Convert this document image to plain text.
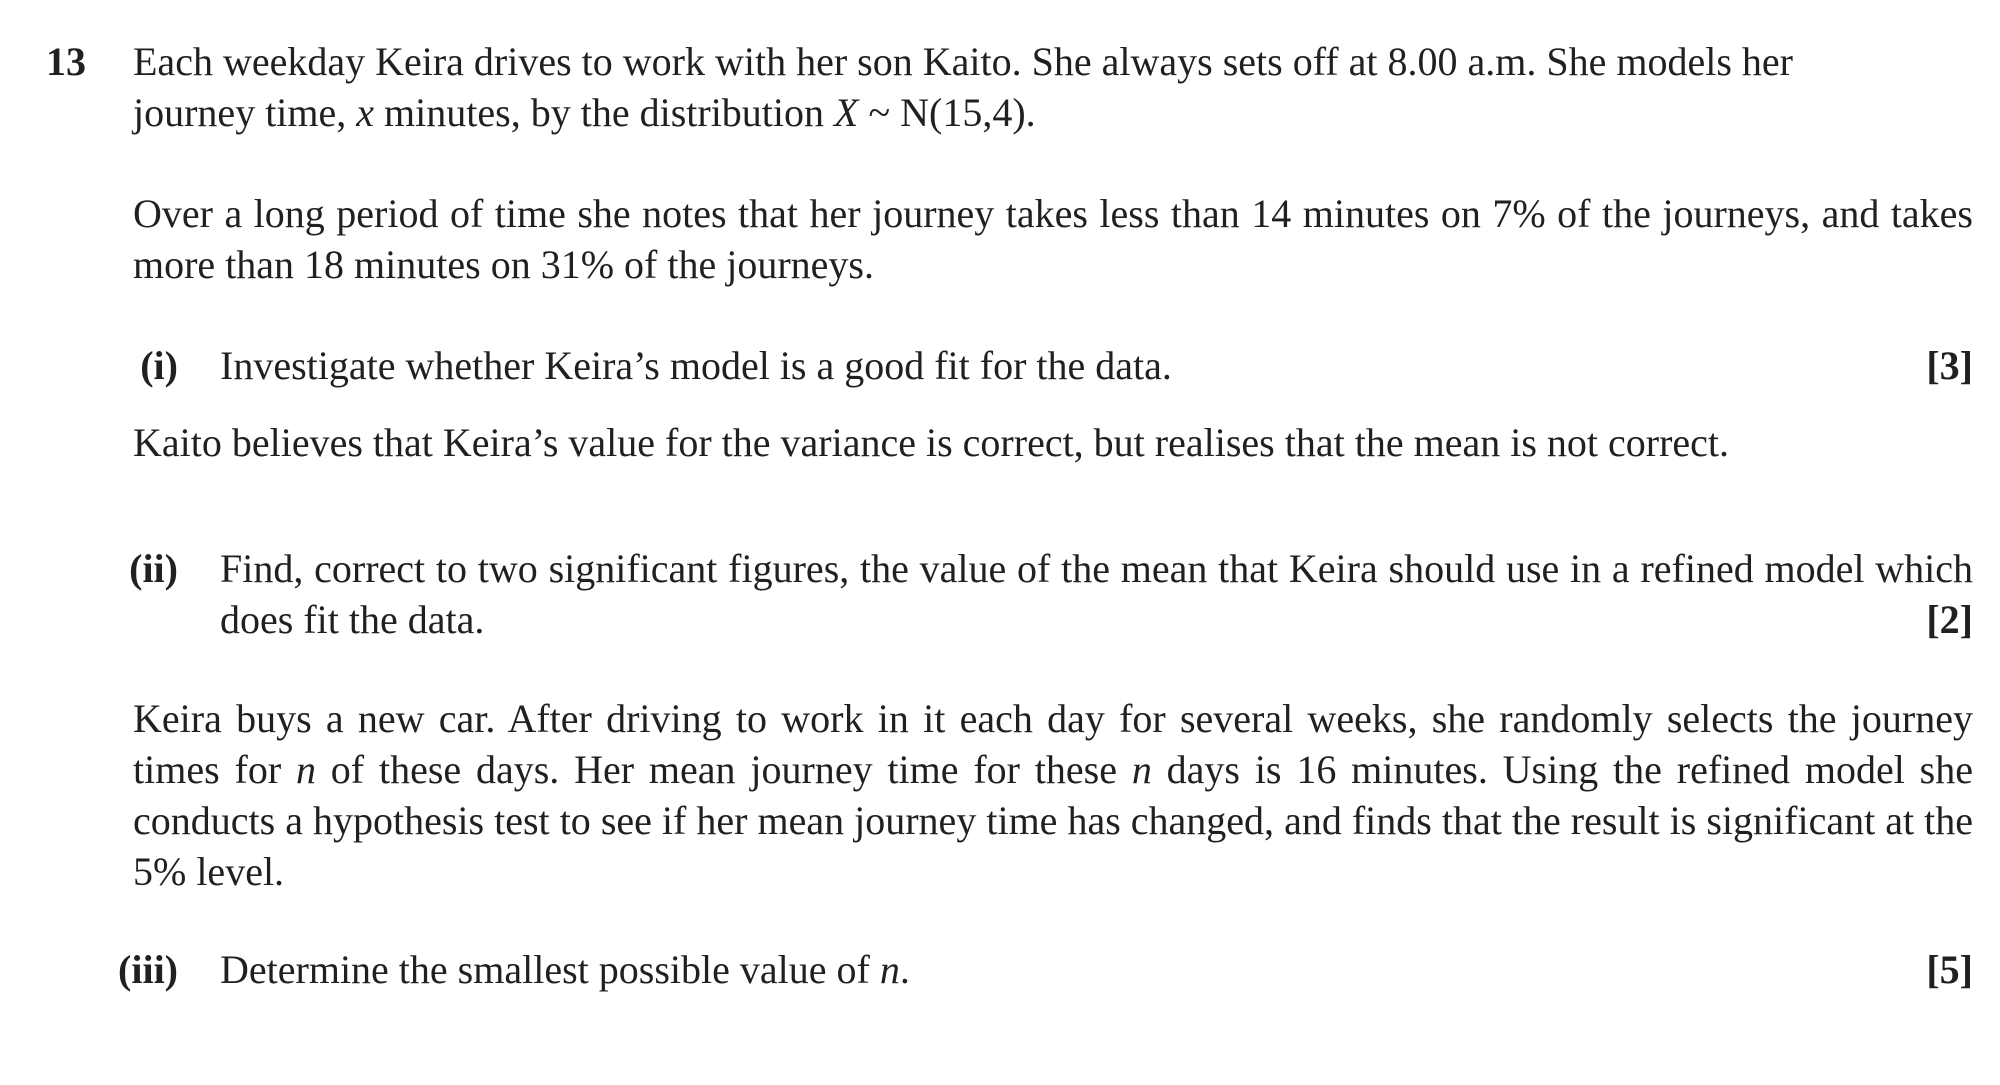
13 Each weekday Keira drives to work with her son Kaito. She always sets off at 8.00 a.m. She models her
journey time, x minutes, by the distribution X ~ N(15,4).
Over a long period of time she notes that her journey takes less than 14 minutes on 7% of the journeys, and takes more than 18 minutes on 31% of the journeys.
(i) Investigate whether Keira’s model is a good fit for the data.	[3]
Kaito believes that Keira’s value for the variance is correct, but realises that the mean is not correct.
(ii) Find, correct to two significant figures, the value of the mean that Keira should use in a refined model which does fit the data.	[2]
Keira buys a new car. After driving to work in it each day for several weeks, she randomly selects the journey times for n of these days. Her mean journey time for these n days is 16 minutes. Using the refined model she conducts a hypothesis test to see if her mean journey time has changed, and finds that the result is significant at the 5% level.
(iii) Determine the smallest possible value of n.	[5]
